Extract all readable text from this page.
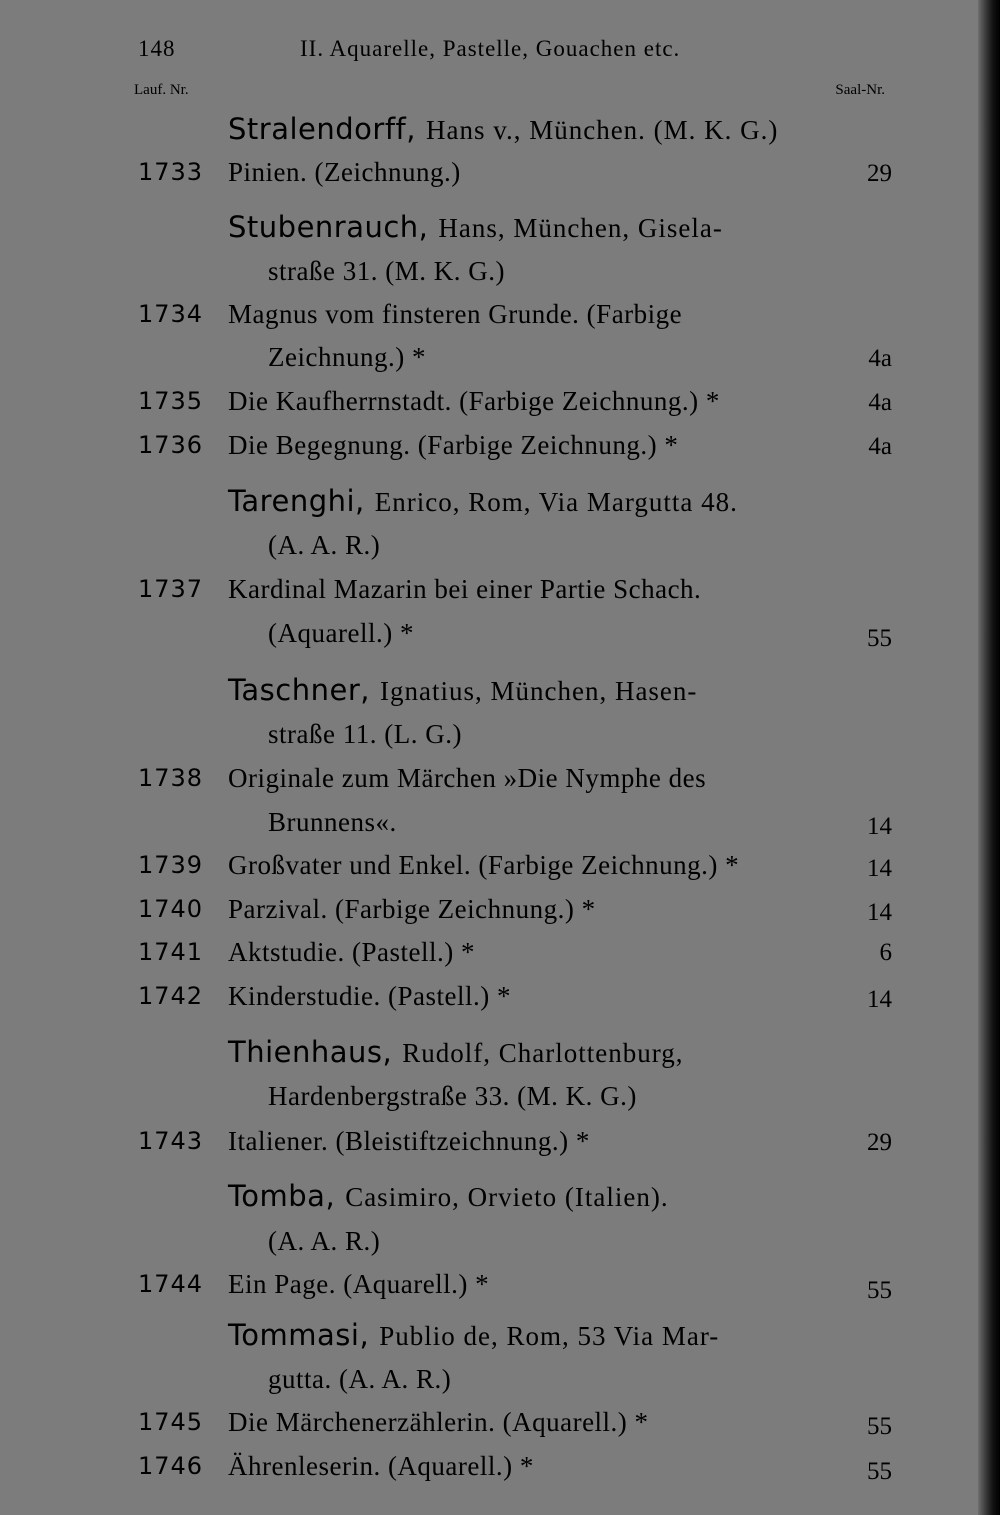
148	II. Aquarelle, Pastelle, Gouachen etc.
Lauf. Nr.	Saal-Nr.
Stralendorff, Hans v., München. (M. K. G.)
1733 Pinien. (Zeichnung.)	29
Stubenrauch, Hans, München, Gisela-
straße 31. (M. K. G.)
1734 Magnus vom finsteren Grunde. (Farbige
Zeichnung.) *	4a
1735 Die Kaufherrnstadt. (Farbige Zeichnung.) *	4a
1736 Die Begegnung. (Farbige Zeichnung.) *	4a
Tarenghi, Enrico, Rom, Via Margutta 48.
(A. A. R.)
1737 Kardinal Mazarin bei einer Partie Schach.
(Aquarell.) *	55
Taschner, Ignatius, München, Hasen-
straße 11. (L. G.)
1738 Originale zum Märchen »Die Nymphe des
Brunnens«.	14
1739 Großvater und Enkel. (Farbige Zeichnung.) *	14
1740 Parzival. (Farbige Zeichnung.) *	14
1741 Aktstudie. (Pastell.) *	6
1742 Kinderstudie. (Pastell.) *	14
Thienhaus, Rudolf, Charlottenburg,
Hardenbergstraße 33. (M. K. G.)
1743 Italiener. (Bleistiftzeichnung.) *	29
Tomba, Casimiro, Orvieto (Italien).
(A. A. R.)
1744 Ein Page. (Aquarell.) *	55
Tommasi, Publio de, Rom, 53 Via Mar-
gutta. (A. A. R.)
1745 Die Märchenerzählerin. (Aquarell.) *	55
1746 Ährenleserin. (Aquarell.) *	55
